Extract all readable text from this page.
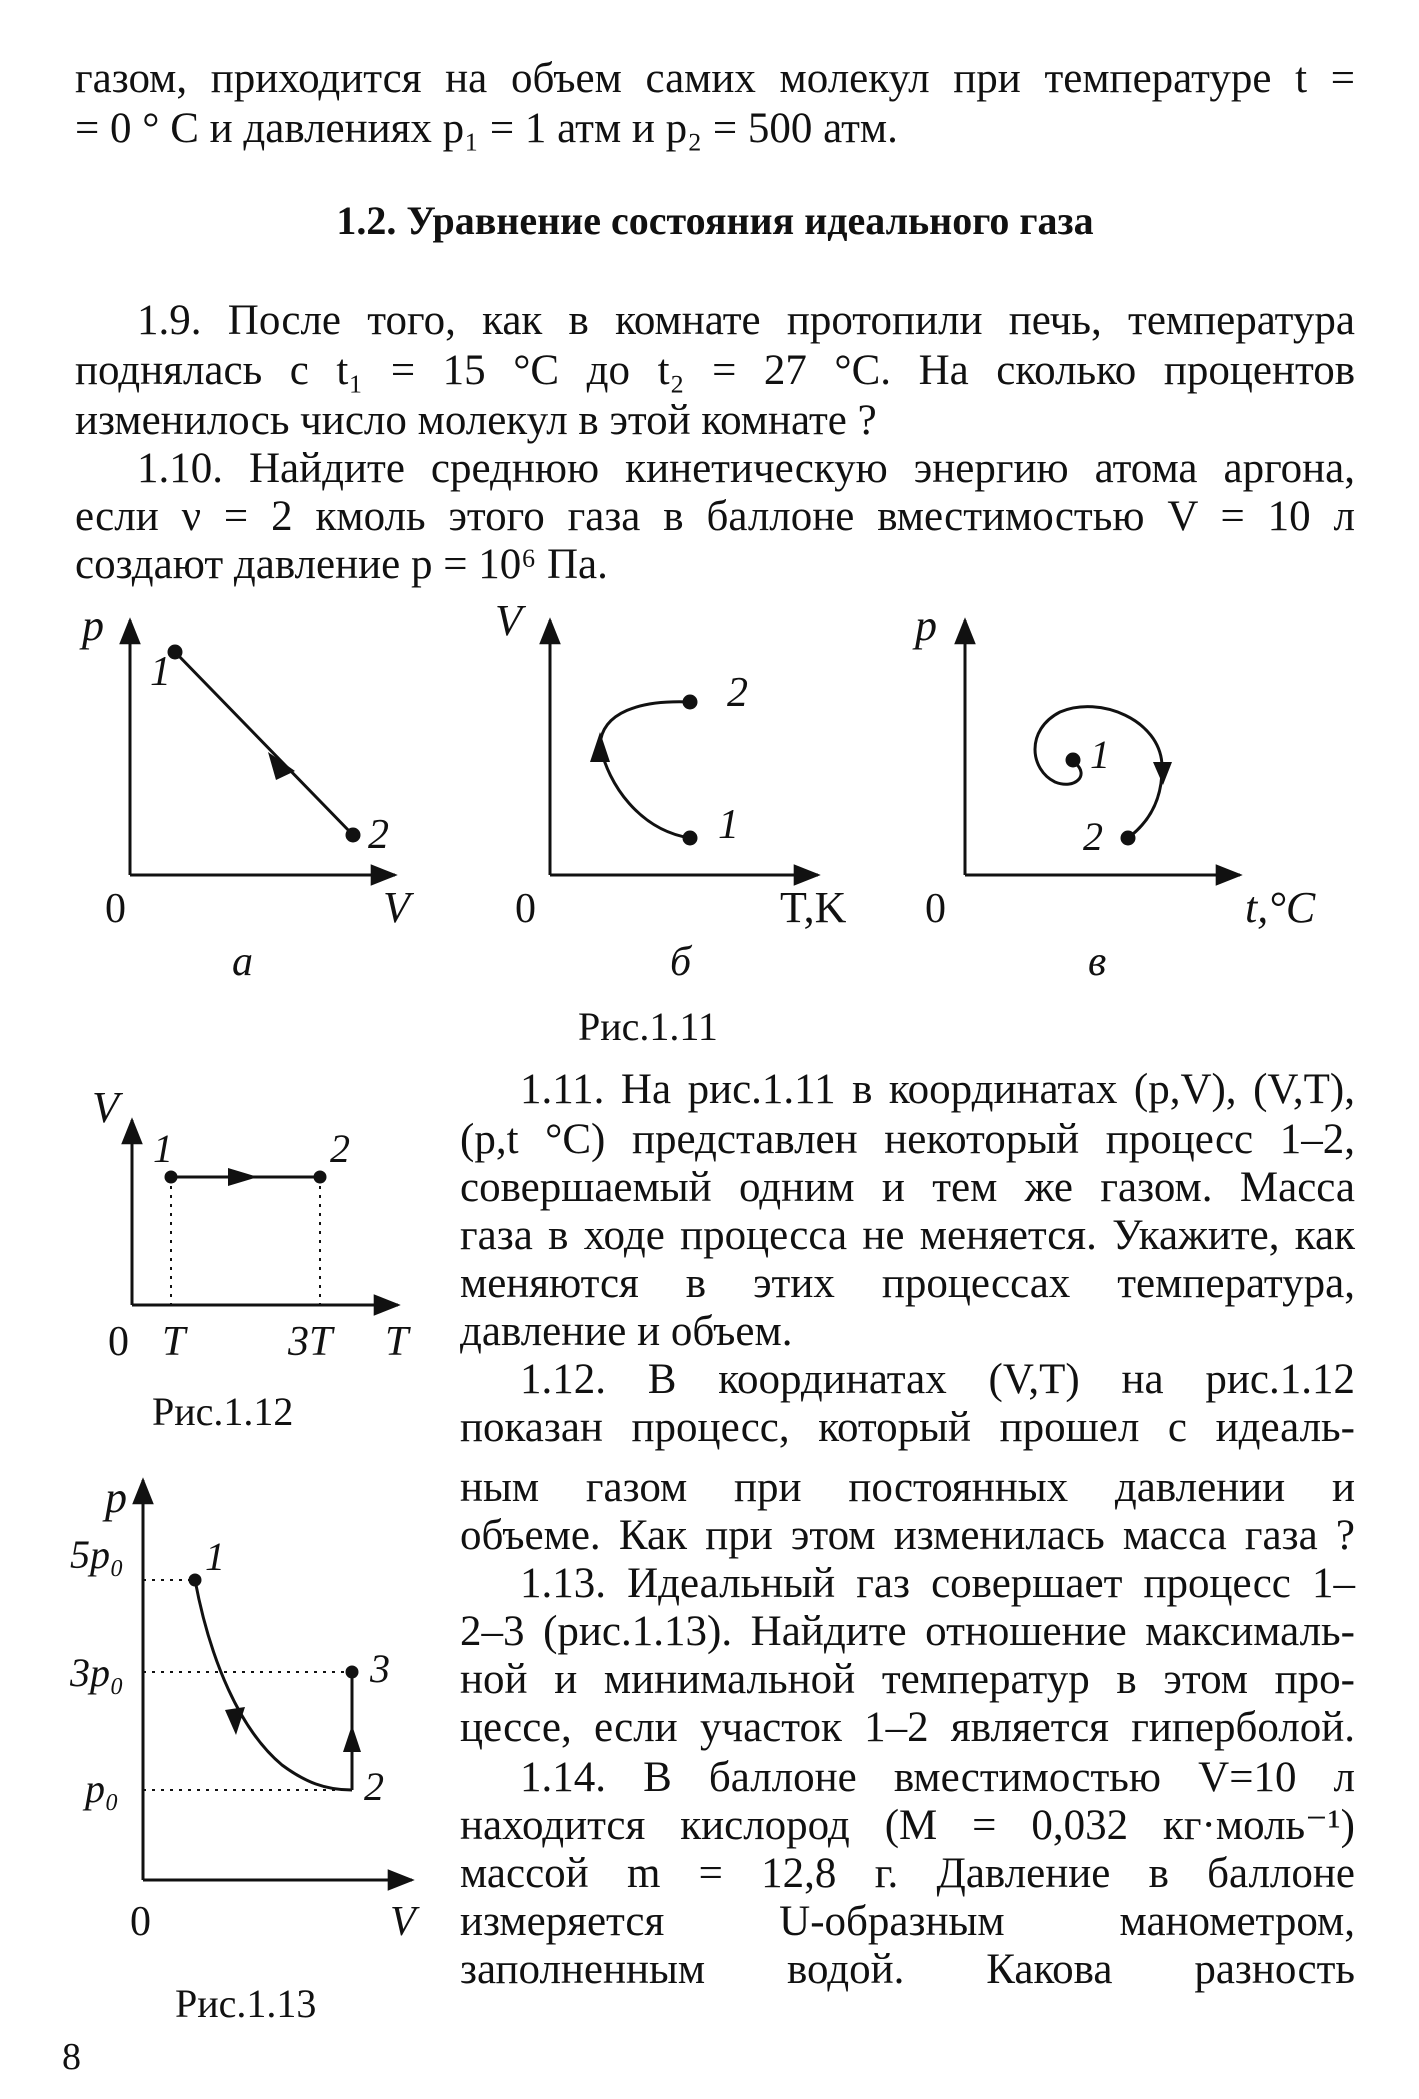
газом, приходится на объем самих молекул при температуре t =
= 0 ° С и давлениях p₁ = 1 атм и p₂ = 500 атм.
1.2. Уравнение состояния идеального газа
1.9. После того, как в комнате протопили печь, температура
поднялась с t₁ = 15 °С до t₂ = 27 °С. На сколько процентов
изменилось число молекул в этой комнате ?
1.10. Найдите среднюю кинетическую энергию атома аргона,
если ν = 2 кмоль этого газа в баллоне вместимостью V = 10 л
создают давление p = 10⁶ Па.
p
1
2
0	V
а
V
2
1
0	T,K
б
p
1
2
0	t,°C
в
Рис.1.11
V
1	2
0 T 3T T
Рис.1.12
p
5p₀
3p₀
p₀
1
3
2
0	V
Рис.1.13
1.11. На рис.1.11 в координатах (p,V), (V,T),
(p,t °C) представлен некоторый процесс 1–2,
совершаемый одним и тем же газом. Масса
газа в ходе процесса не меняется. Укажите, как
меняются в этих процессах температура,
давление и объем.
1.12. В координатах (V,T) на рис.1.12
показан процесс, который прошел с идеаль-
ным газом при постоянных давлении и
объеме. Как при этом изменилась масса газа ?
1.13. Идеальный газ совершает процесс 1–
2–3 (рис.1.13). Найдите отношение максималь-
ной и минимальной температур в этом про-
цессе, если участок 1–2 является гиперболой.
1.14. В баллоне вместимостью V=10 л
находится кислород (M = 0,032 кг·моль⁻¹)
массой m = 12,8 г. Давление в баллоне
измеряется U-образным манометром,
заполненным водой. Какова разность
8
